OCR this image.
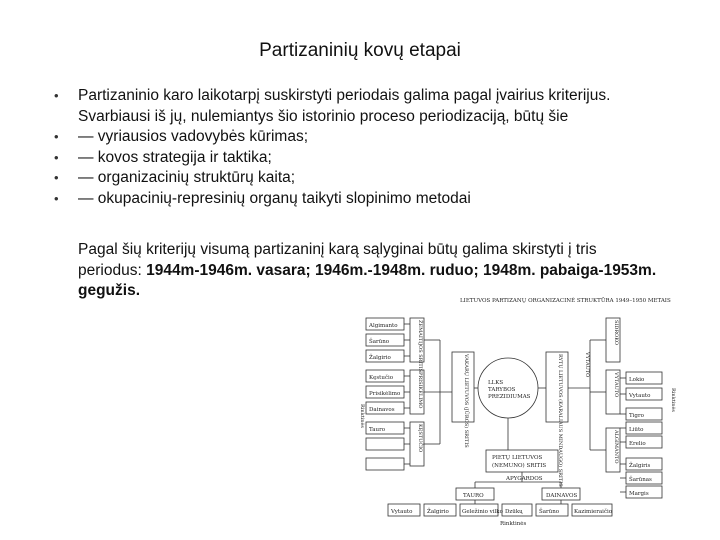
Partizaninių kovų etapai
•	Partizaninio karo laikotarpį suskirstyti periodais galima pagal įvairius kriterijus.
Svarbiausi iš jų, nulemiantys šio istorinio proceso periodizaciją, būtų šie
•	— vyriausios vadovybės kūrimas;
•	— kovos strategija ir taktika;
•	— organizacinių struktūrų kaita;
•	— okupacinių-represinių organų taikyti slopinimo metodai
Pagal šių kriterijų visumą partizaninį karą sąlyginai būtų galima skirstyti į tris
periodus: 1944m-1946m. vasara; 1946m.-1948m. ruduo; 1948m. pabaiga-1953m.
gegužis.
LIETUVOS PARTIZANŲ ORGANIZACINĖ STRUKTŪRA 1949–1950 METAIS
Algimanto
Šarūno
Žalgirio
Kęstučio
Prisikėlimo
Dainavos
Tauro
LLKS
TARYBOS
PREZIDIUMAS
Lokio
Vytauto
Tigro
Liūto
Erelio
Žalgiris
Šarūnas
Margis
PIETŲ LIETUVOS
(NEMUNO) SRITIS
APYGARDOS
TAURO	DAINAVOS
Vytauto	Žalgirio Geležinio vilko Dzūkų	Šarūno	Kazimieraičio
Rinktinės
ŽEMAITIJOS SRITIS
PRISIKĖLIMO
KĘSTUČIO	VAKARŲ LIETUVOS (JŪROS) SRITIS	RYTŲ LIETUVOS (KARALIAUS MINDAUGO) SRITIS
SIDROKO
VYTAUTO
ALGIMANTO
VYTAUTO
Rinktinės
Rinktinės
